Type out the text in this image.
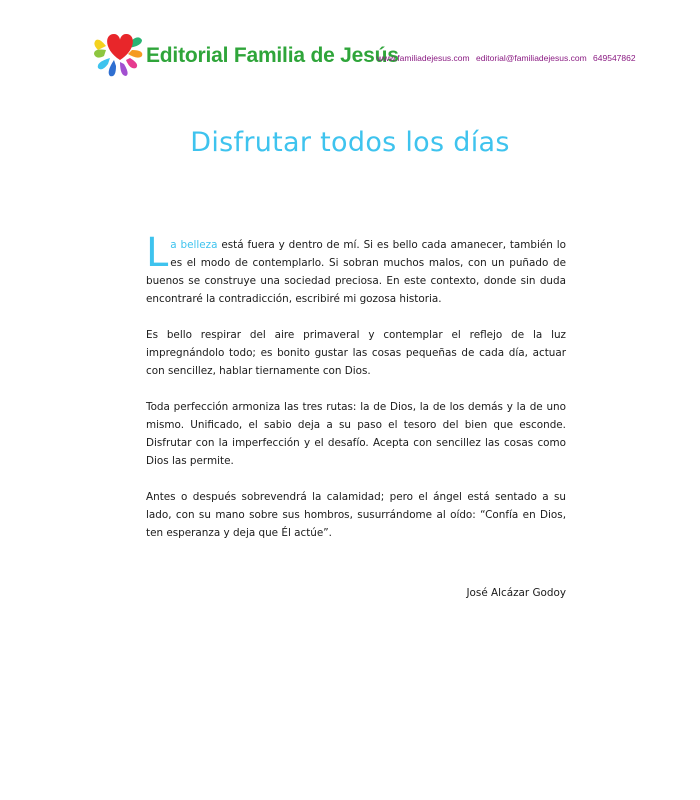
Editorial Familia de Jesús
www.familiadejesus.com editorial@familiadejesus.com 649547862
Disfrutar todos los días

La belleza está fuera y dentro de mí. Si es bello cada amanecer, también lo es el modo de contemplarlo. Si sobran muchos malos, con un puñado de buenos se construye una sociedad preciosa. En este contexto, donde sin duda encontraré la contradicción, escribiré mi gozosa historia.

Es bello respirar del aire primaveral y contemplar el reflejo de la luz impregnándolo todo; es bonito gustar las cosas pequeñas de cada día, actuar con sencillez, hablar tiernamente con Dios.

Toda perfección armoniza las tres rutas: la de Dios, la de los demás y la de uno mismo. Unificado, el sabio deja a su paso el tesoro del bien que esconde. Disfrutar con la imperfección y el desafío. Acepta con sencillez las cosas como Dios las permite.

Antes o después sobrevendrá la calamidad; pero el ángel está sentado a su lado, con su mano sobre sus hombros, susurrándome al oído: “Confía en Dios, ten esperanza y deja que Él actúe”.

José Alcázar Godoy
